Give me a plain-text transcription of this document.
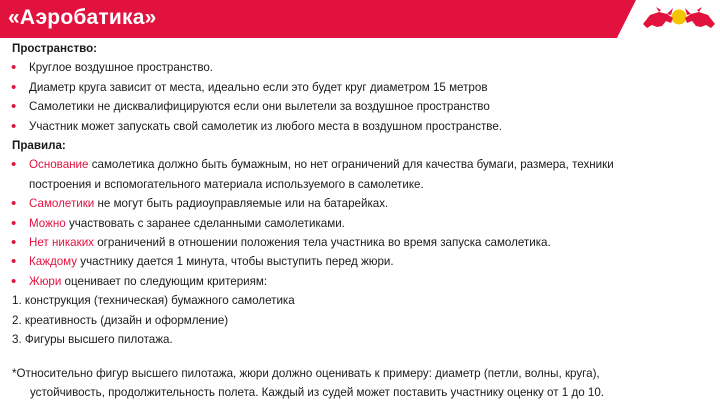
«Аэробатика»
Пространство:
• Круглое воздушное пространство.
• Диаметр круга зависит от места, идеально если это будет круг диаметром 15 метров
• Самолетики не дисквалифицируются если они вылетели за воздушное пространство
• Участник может запускать свой самолетик из любого места в воздушном пространстве.
Правила:
• Основание самолетика должно быть бумажным, но нет ограничений для качества бумаги, размера, техники
построения и вспомогательного материала используемого в самолетике.
• Самолетики не могут быть радиоуправляемые или на батарейках.
• Можно участвовать с заранее сделанными самолетиками.
• Нет никаких ограничений в отношении положения тела участника во время запуска самолетика.
• Каждому участнику дается 1 минута, чтобы выступить перед жюри.
• Жюри оценивает по следующим критериям:
1. конструкция (техническая) бумажного самолетика
2. креативность (дизайн и оформление)
3. Фигуры высшего пилотажа.
*Относительно фигур высшего пилотажа, жюри должно оценивать к примеру: диаметр (петли, волны, круга),
устойчивость, продолжительность полета. Каждый из судей может поставить участнику оценку от 1 до 10.
